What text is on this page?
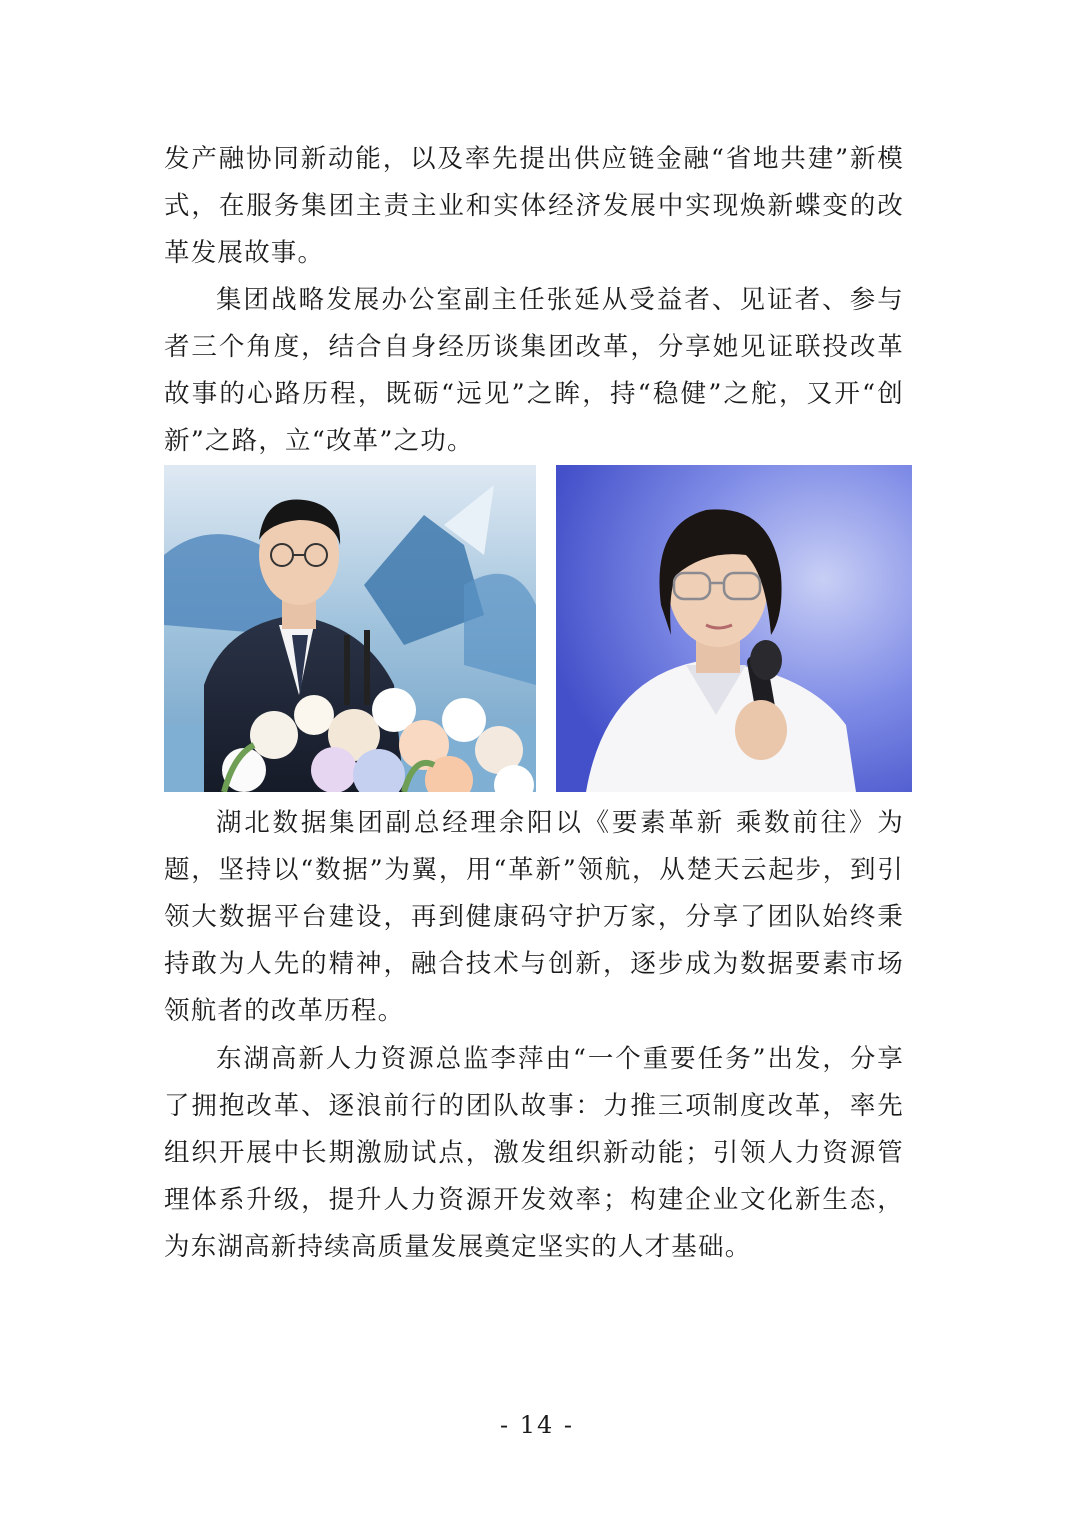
发产融协同新动能，以及率先提出供应链金融“省地共建”新模式，在服务集团主责主业和实体经济发展中实现焕新蝶变的改革发展故事。

集团战略发展办公室副主任张延从受益者、见证者、参与者三个角度，结合自身经历谈集团改革，分享她见证联投改革故事的心路历程，既砺“远见”之眸，持“稳健”之舵，又开“创新”之路，立“改革”之功。

湖北数据集团副总经理余阳以《要素革新 乘数前往》为题，坚持以“数据”为翼，用“革新”领航，从楚天云起步，到引领大数据平台建设，再到健康码守护万家，分享了团队始终秉持敢为人先的精神，融合技术与创新，逐步成为数据要素市场领航者的改革历程。

东湖高新人力资源总监李萍由“一个重要任务”出发，分享了拥抱改革、逐浪前行的团队故事：力推三项制度改革，率先组织开展中长期激励试点，激发组织新动能；引领人力资源管理体系升级，提升人力资源开发效率；构建企业文化新生态，为东湖高新持续高质量发展奠定坚实的人才基础。

- 14 -
